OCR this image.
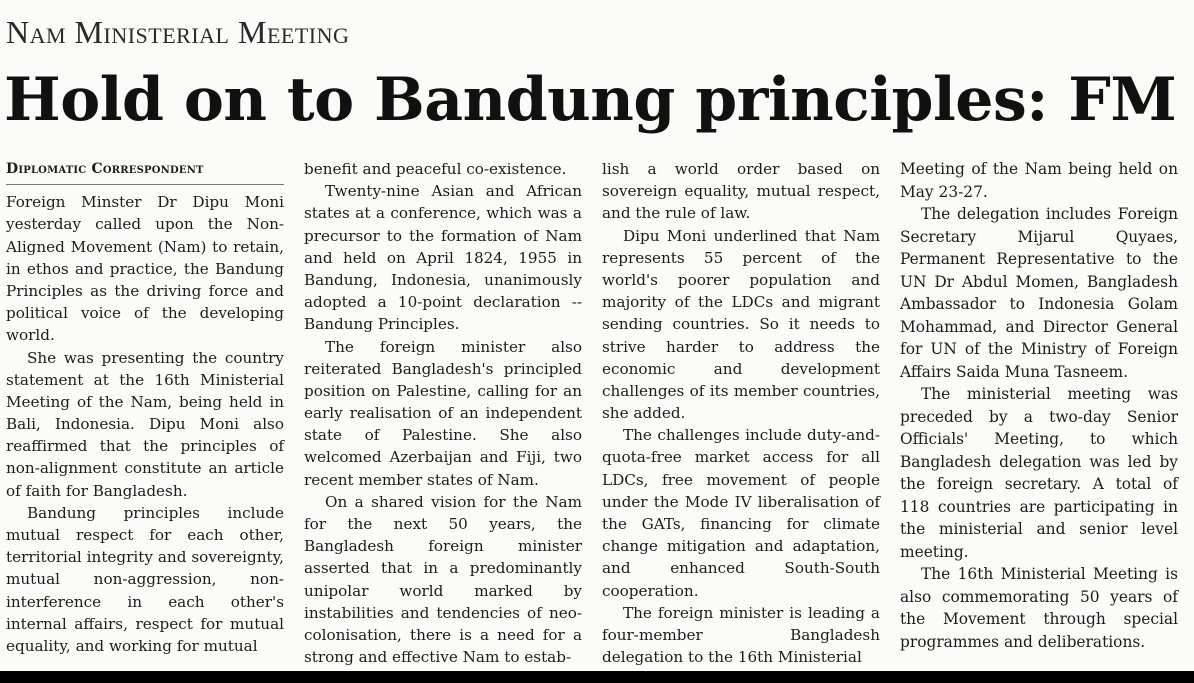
Nam Ministerial Meeting
Hold on to Bandung principles: FM
Diplomatic Correspondent

Foreign Minster Dr Dipu Moni yesterday called upon the Non-Aligned Movement (Nam) to retain, in ethos and practice, the Bandung Principles as the driving force and political voice of the developing world.

She was presenting the country statement at the 16th Ministerial Meeting of the Nam, being held in Bali, Indonesia. Dipu Moni also reaffirmed that the principles of non-alignment constitute an article of faith for Bangladesh.

Bandung principles include mutual respect for each other, territorial integrity and sovereignty, mutual non-aggression, non-interference in each other's internal affairs, respect for mutual equality, and working for mutual

benefit and peaceful co-existence.

Twenty-nine Asian and African states at a conference, which was a precursor to the formation of Nam and held on April 1824, 1955 in Bandung, Indonesia, unanimously adopted a 10-point declaration -- Bandung Principles.

The foreign minister also reiterated Bangladesh's principled position on Palestine, calling for an early realisation of an independent state of Palestine. She also welcomed Azerbaijan and Fiji, two recent member states of Nam.

On a shared vision for the Nam for the next 50 years, the Bangladesh foreign minister asserted that in a predominantly unipolar world marked by instabilities and tendencies of neo-colonisation, there is a need for a strong and effective Nam to estab-

lish a world order based on sovereign equality, mutual respect, and the rule of law.

Dipu Moni underlined that Nam represents 55 percent of the world's poorer population and majority of the LDCs and migrant sending countries. So it needs to strive harder to address the economic and development challenges of its member countries, she added.

The challenges include duty-and-quota-free market access for all LDCs, free movement of people under the Mode IV liberalisation of the GATs, financing for climate change mitigation and adaptation, and enhanced South-South cooperation.

The foreign minister is leading a four-member Bangladesh delegation to the 16th Ministerial

Meeting of the Nam being held on May 23-27.

The delegation includes Foreign Secretary Mijarul Quyaes, Permanent Representative to the UN Dr Abdul Momen, Bangladesh Ambassador to Indonesia Golam Mohammad, and Director General for UN of the Ministry of Foreign Affairs Saida Muna Tasneem.

The ministerial meeting was preceded by a two-day Senior Officials' Meeting, to which Bangladesh delegation was led by the foreign secretary. A total of 118 countries are participating in the ministerial and senior level meeting.

The 16th Ministerial Meeting is also commemorating 50 years of the Movement through special programmes and deliberations.
